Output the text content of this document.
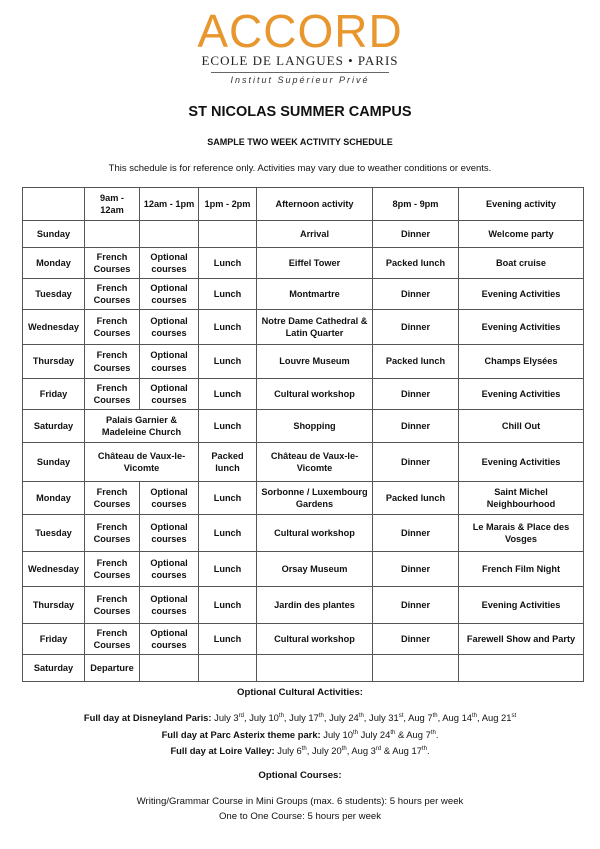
ACCORD
ECOLE DE LANGUES • PARIS
Institut Supérieur Privé
ST NICOLAS SUMMER CAMPUS
SAMPLE TWO WEEK ACTIVITY SCHEDULE
This schedule is for reference only. Activities may vary due to weather conditions or events.
	9am - 12am	12am - 1pm	1pm - 2pm	Afternoon activity	8pm - 9pm	Evening activity
Sunday				Arrival	Dinner	Welcome party
Monday	French Courses	Optional courses	Lunch	Eiffel Tower	Packed lunch	Boat cruise
Tuesday	French Courses	Optional courses	Lunch	Montmartre	Dinner	Evening Activities
Wednesday	French Courses	Optional courses	Lunch	Notre Dame Cathedral & Latin Quarter	Dinner	Evening Activities
Thursday	French Courses	Optional courses	Lunch	Louvre Museum	Packed lunch	Champs Elysées
Friday	French Courses	Optional courses	Lunch	Cultural workshop	Dinner	Evening Activities
Saturday	Palais Garnier & Madeleine Church		Lunch	Shopping	Dinner	Chill Out
Sunday	Château de Vaux-le-Vicomte		Packed lunch	Château de Vaux-le-Vicomte	Dinner	Evening Activities
Monday	French Courses	Optional courses	Lunch	Sorbonne / Luxembourg Gardens	Packed lunch	Saint Michel Neighbourhood
Tuesday	French Courses	Optional courses	Lunch	Cultural workshop	Dinner	Le Marais & Place des Vosges
Wednesday	French Courses	Optional courses	Lunch	Orsay Museum	Dinner	French Film Night
Thursday	French Courses	Optional courses	Lunch	Jardin des plantes	Dinner	Evening Activities
Friday	French Courses	Optional courses	Lunch	Cultural workshop	Dinner	Farewell Show and Party
Saturday	Departure					
Optional Cultural Activities:
Full day at Disneyland Paris: July 3rd, July 10th, July 17th, July 24th, July 31st, Aug 7th, Aug 14th, Aug 21st
Full day at Parc Asterix theme park: July 10th July 24th & Aug 7th.
Full day at Loire Valley: July 6th, July 20th, Aug 3rd & Aug 17th.
Optional Courses:
Writing/Grammar Course in Mini Groups (max. 6 students): 5 hours per week
One to One Course: 5 hours per week
